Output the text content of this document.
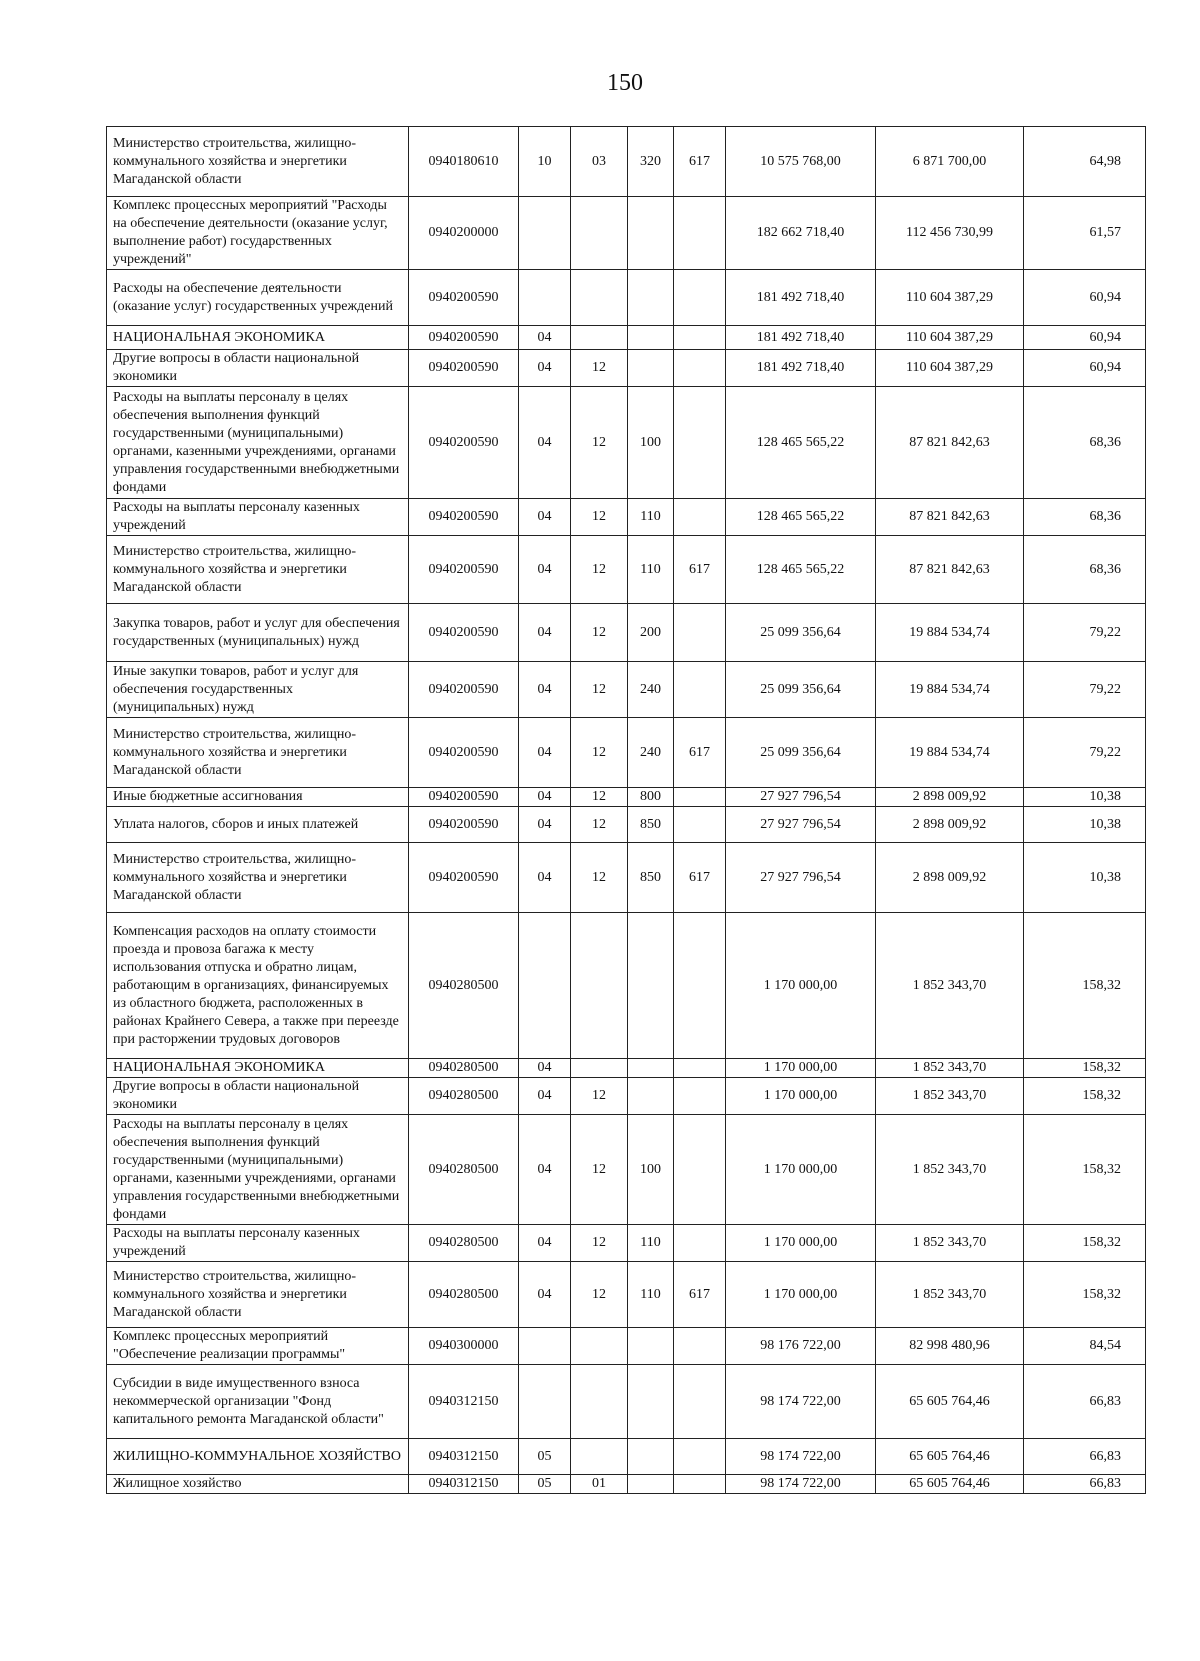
150
Министерство строительства, жилищно-коммунального хозяйства и энергетики Магаданской области	0940180610	10	03	320	617	10 575 768,00	6 871 700,00	64,98
Комплекс процессных мероприятий "Расходы на обеспечение деятельности (оказание услуг, выполнение работ) государственных учреждений"	0940200000					182 662 718,40	112 456 730,99	61,57
Расходы на обеспечение деятельности (оказание услуг) государственных учреждений	0940200590					181 492 718,40	110 604 387,29	60,94
НАЦИОНАЛЬНАЯ ЭКОНОМИКА	0940200590	04				181 492 718,40	110 604 387,29	60,94
Другие вопросы в области национальной экономики	0940200590	04	12			181 492 718,40	110 604 387,29	60,94
Расходы на выплаты персоналу в целях обеспечения выполнения функций государственными (муниципальными) органами, казенными учреждениями, органами управления государственными внебюджетными фондами	0940200590	04	12	100		128 465 565,22	87 821 842,63	68,36
Расходы на выплаты персоналу казенных учреждений	0940200590	04	12	110		128 465 565,22	87 821 842,63	68,36
Министерство строительства, жилищно-коммунального хозяйства и энергетики Магаданской области	0940200590	04	12	110	617	128 465 565,22	87 821 842,63	68,36
Закупка товаров, работ и услуг для обеспечения государственных (муниципальных) нужд	0940200590	04	12	200		25 099 356,64	19 884 534,74	79,22
Иные закупки товаров, работ и услуг для обеспечения государственных (муниципальных) нужд	0940200590	04	12	240		25 099 356,64	19 884 534,74	79,22
Министерство строительства, жилищно-коммунального хозяйства и энергетики Магаданской области	0940200590	04	12	240	617	25 099 356,64	19 884 534,74	79,22
Иные бюджетные ассигнования	0940200590	04	12	800		27 927 796,54	2 898 009,92	10,38
Уплата налогов, сборов и иных платежей	0940200590	04	12	850		27 927 796,54	2 898 009,92	10,38
Министерство строительства, жилищно-коммунального хозяйства и энергетики Магаданской области	0940200590	04	12	850	617	27 927 796,54	2 898 009,92	10,38
Компенсация расходов на оплату стоимости проезда и провоза багажа к месту использования отпуска и обратно лицам, работающим в организациях, финансируемых из областного бюджета, расположенных в районах Крайнего Севера, а также при переезде при расторжении трудовых договоров	0940280500					1 170 000,00	1 852 343,70	158,32
НАЦИОНАЛЬНАЯ ЭКОНОМИКА	0940280500	04				1 170 000,00	1 852 343,70	158,32
Другие вопросы в области национальной экономики	0940280500	04	12			1 170 000,00	1 852 343,70	158,32
Расходы на выплаты персоналу в целях обеспечения выполнения функций государственными (муниципальными) органами, казенными учреждениями, органами управления государственными внебюджетными фондами	0940280500	04	12	100		1 170 000,00	1 852 343,70	158,32
Расходы на выплаты персоналу казенных учреждений	0940280500	04	12	110		1 170 000,00	1 852 343,70	158,32
Министерство строительства, жилищно-коммунального хозяйства и энергетики Магаданской области	0940280500	04	12	110	617	1 170 000,00	1 852 343,70	158,32
Комплекс процессных мероприятий "Обеспечение реализации программы"	0940300000					98 176 722,00	82 998 480,96	84,54
Субсидии в виде имущественного взноса некоммерческой организации "Фонд капитального ремонта Магаданской области"	0940312150					98 174 722,00	65 605 764,46	66,83
ЖИЛИЩНО-КОММУНАЛЬНОЕ ХОЗЯЙСТВО	0940312150	05				98 174 722,00	65 605 764,46	66,83
Жилищное хозяйство	0940312150	05	01			98 174 722,00	65 605 764,46	66,83
